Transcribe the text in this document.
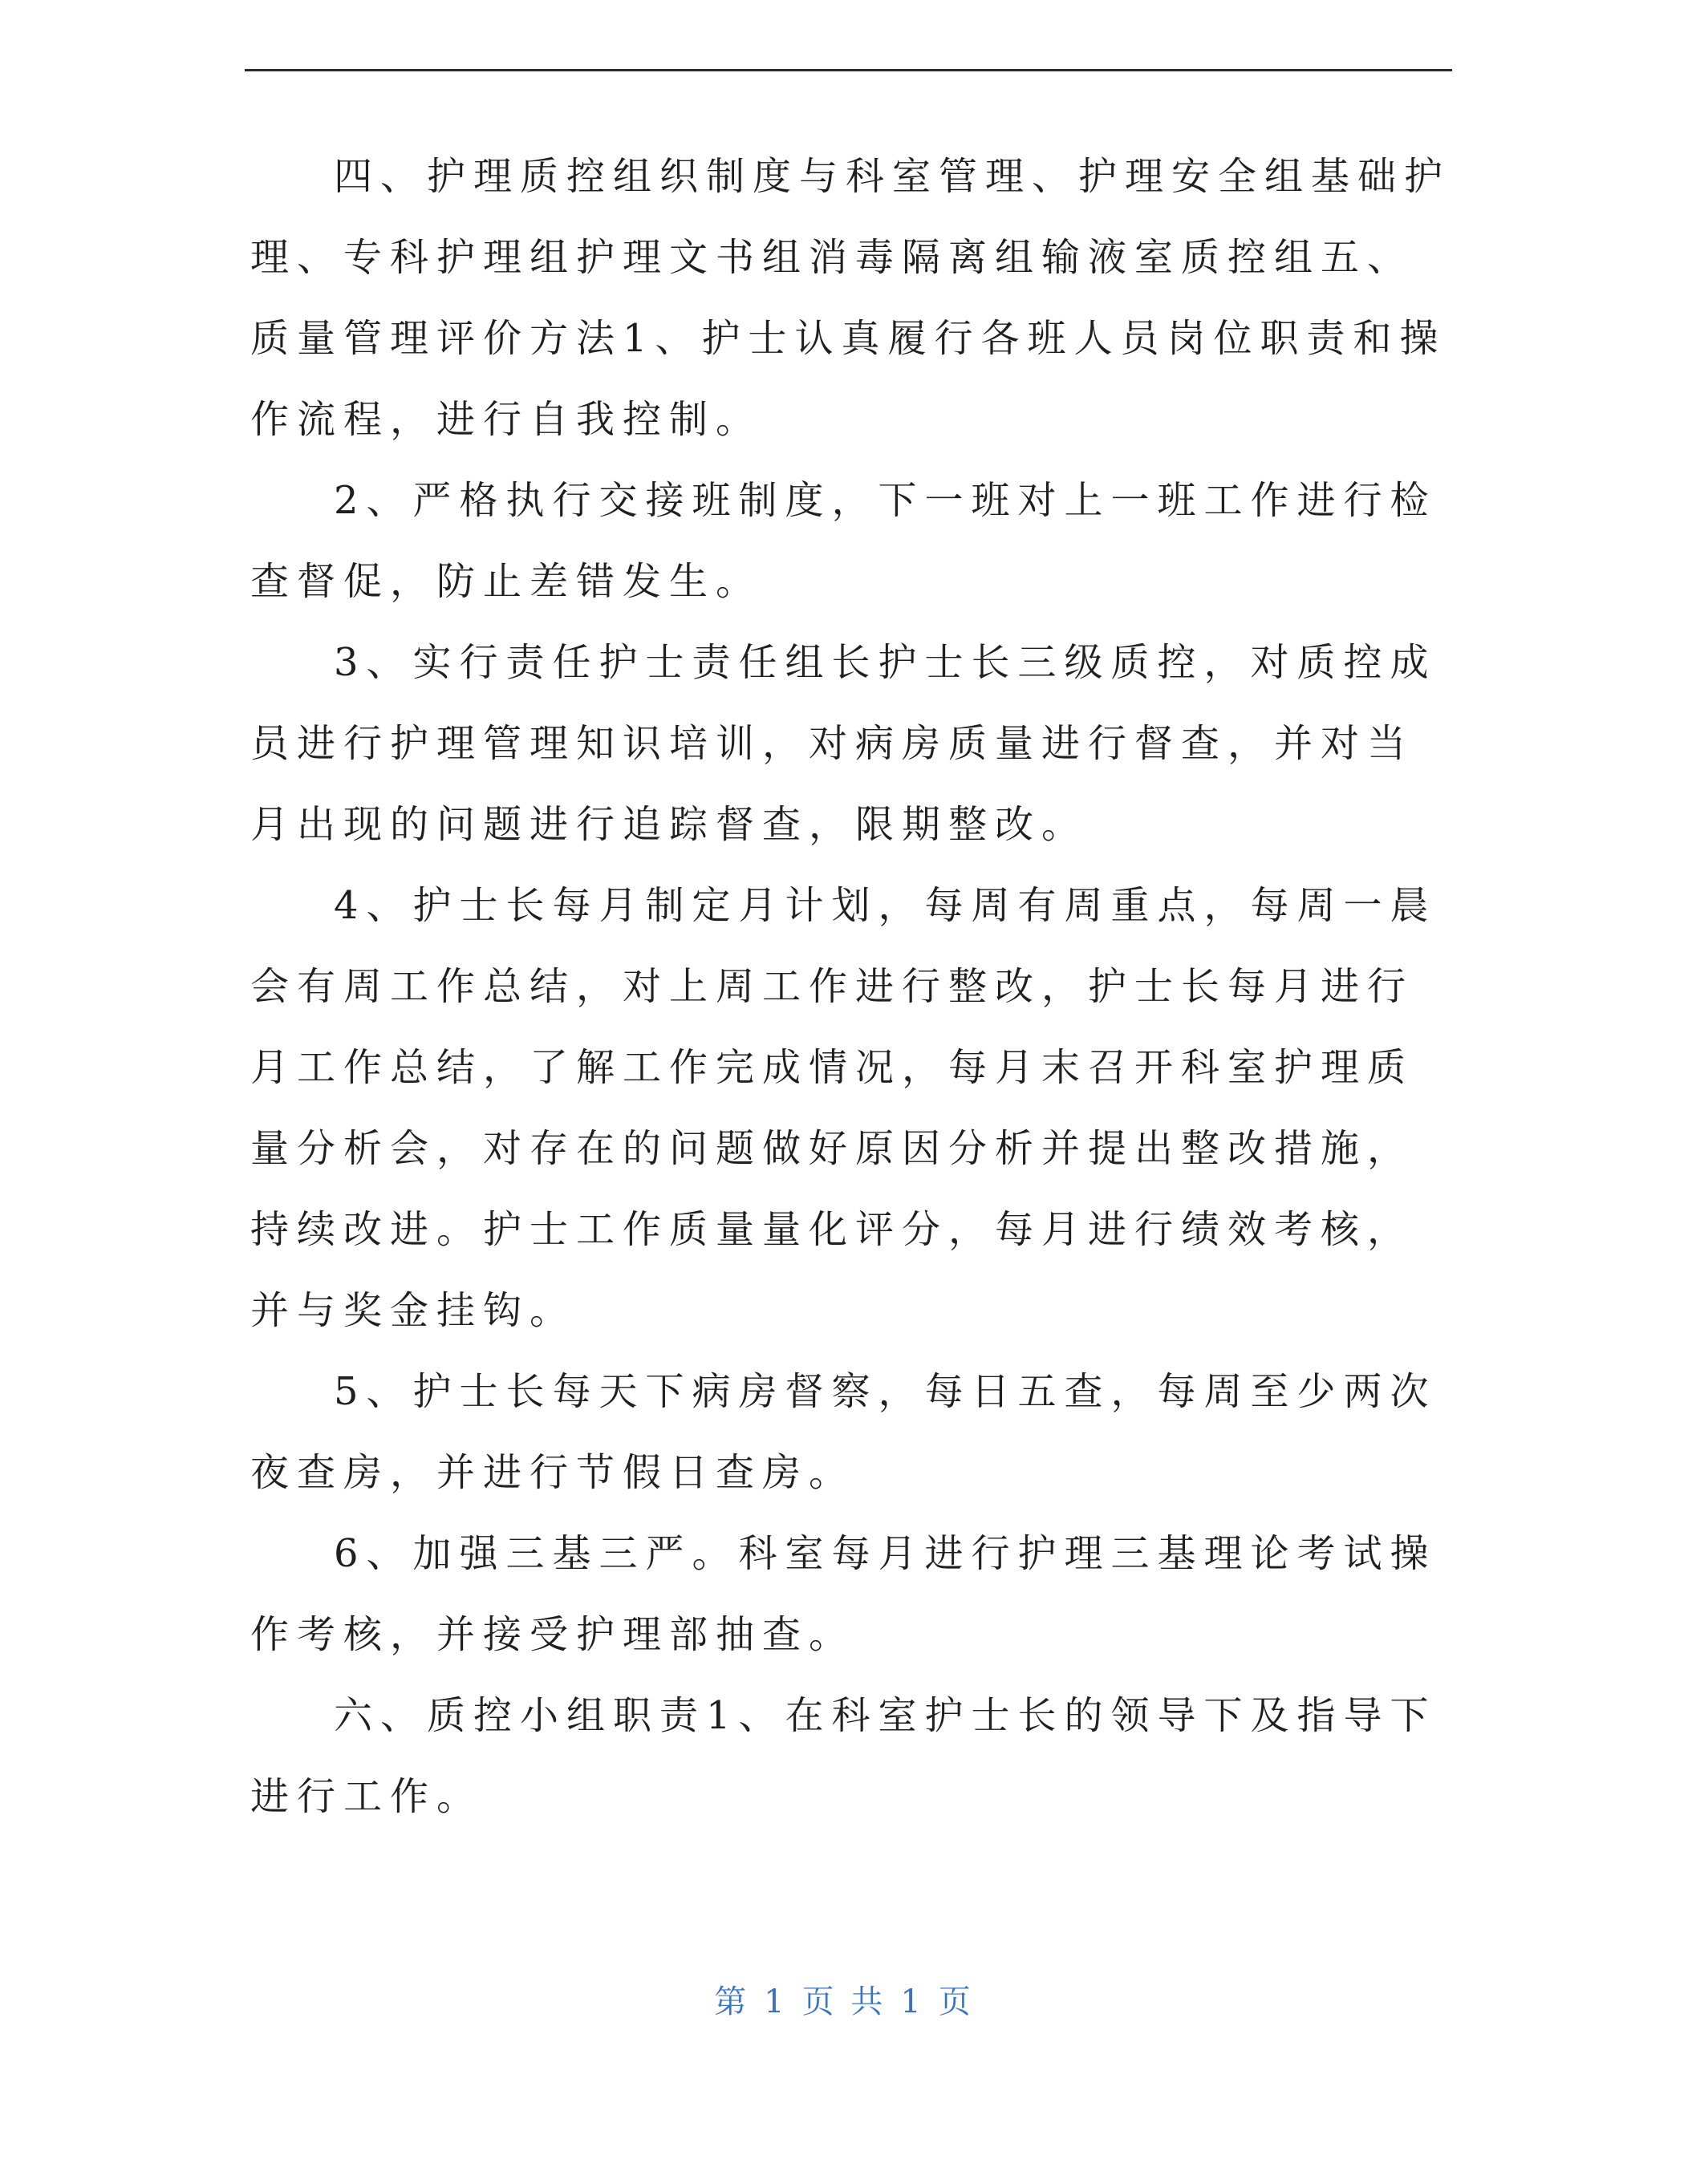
四、护理质控组织制度与科室管理、护理安全组基础护理、专科护理组护理文书组消毒隔离组输液室质控组五、质量管理评价方法1、护士认真履行各班人员岗位职责和操作流程，进行自我控制。

2、严格执行交接班制度，下一班对上一班工作进行检查督促，防止差错发生。

3、实行责任护士责任组长护士长三级质控，对质控成员进行护理管理知识培训，对病房质量进行督查，并对当月出现的问题进行追踪督查，限期整改。

4、护士长每月制定月计划，每周有周重点，每周一晨会有周工作总结，对上周工作进行整改，护士长每月进行月工作总结，了解工作完成情况，每月末召开科室护理质量分析会，对存在的问题做好原因分析并提出整改措施，持续改进。护士工作质量量化评分，每月进行绩效考核，并与奖金挂钩。

5、护士长每天下病房督察，每日五查，每周至少两次夜查房，并进行节假日查房。

6、加强三基三严。科室每月进行护理三基理论考试操作考核，并接受护理部抽查。

六、质控小组职责1、在科室护士长的领导下及指导下进行工作。

第 1 页 共 1 页
